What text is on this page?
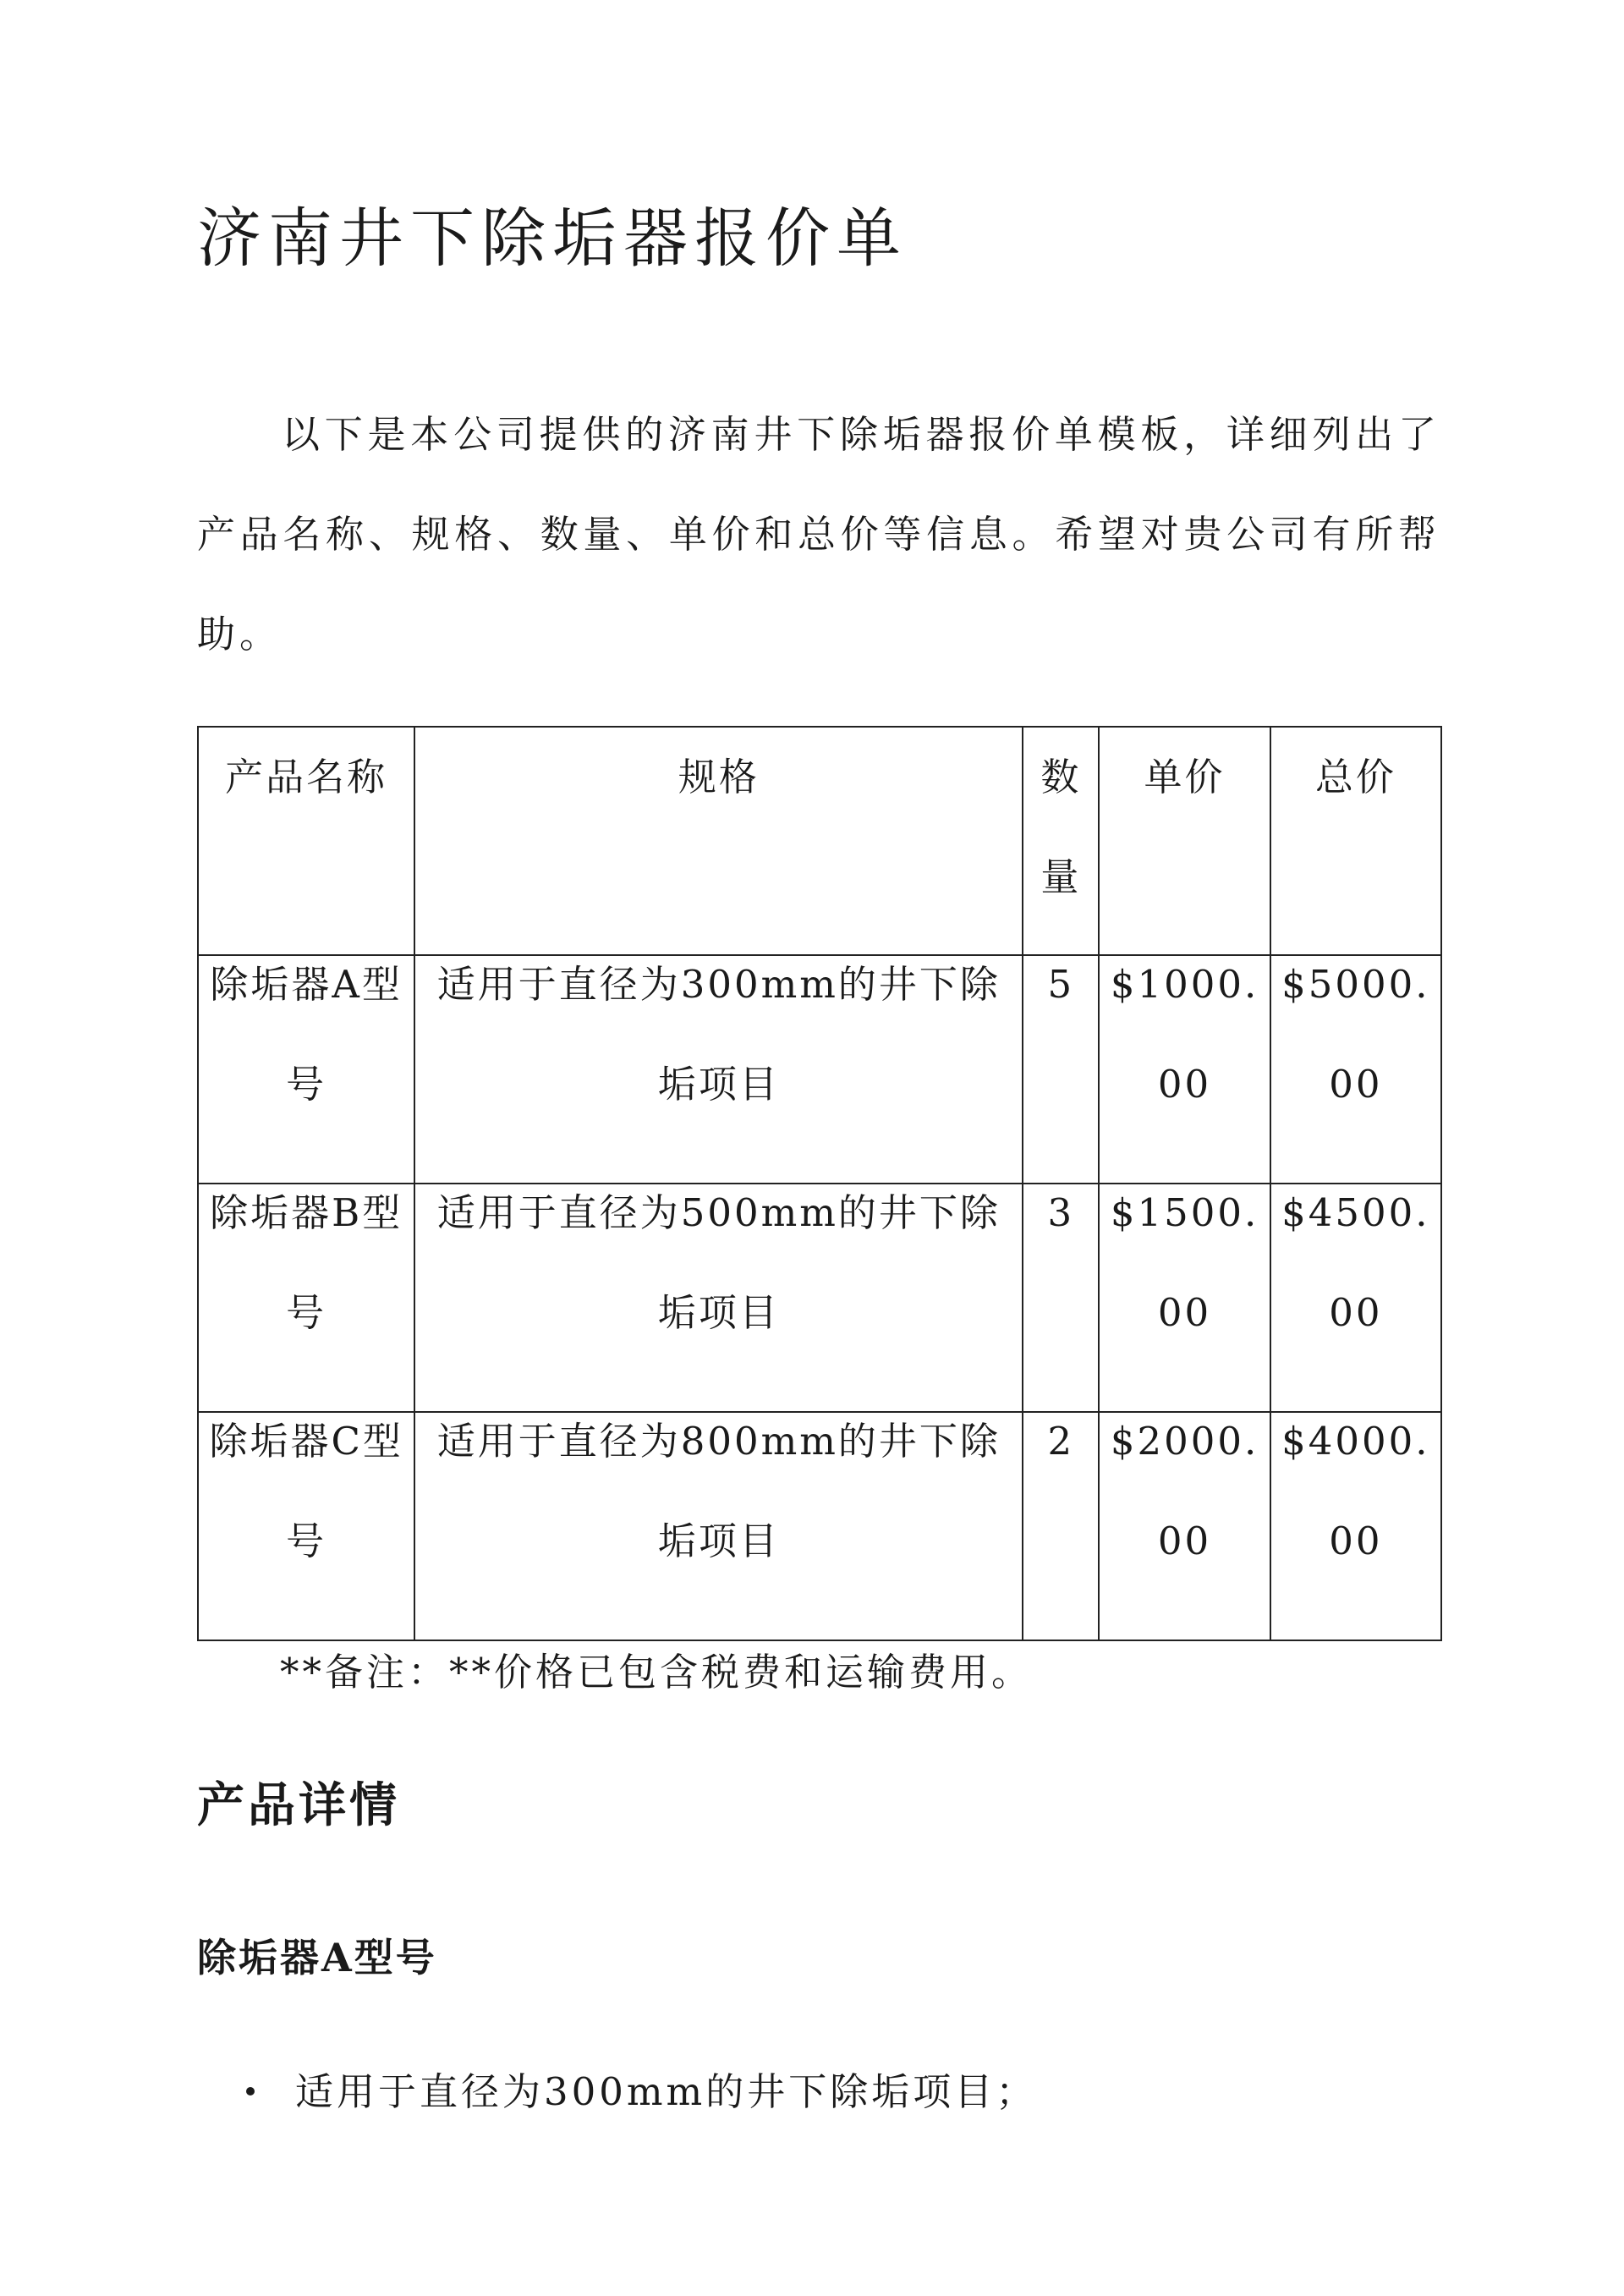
济南井下除垢器报价单

以下是本公司提供的济南井下除垢器报价单模板，详细列出了产品名称、规格、数量、单价和总价等信息。希望对贵公司有所帮助。

产品名称	规格	数量	单价	总价

除垢器A型号	适用于直径为300mm的井下除垢项目	5	$1000.00	$5000.00

除垢器B型号	适用于直径为500mm的井下除垢项目	3	$1500.00	$4500.00

除垢器C型号	适用于直径为800mm的井下除垢项目	2	$2000.00	$4000.00

**备注：**价格已包含税费和运输费用。

产品详情
除垢器A型号
适用于直径为300mm的井下除垢项目；
